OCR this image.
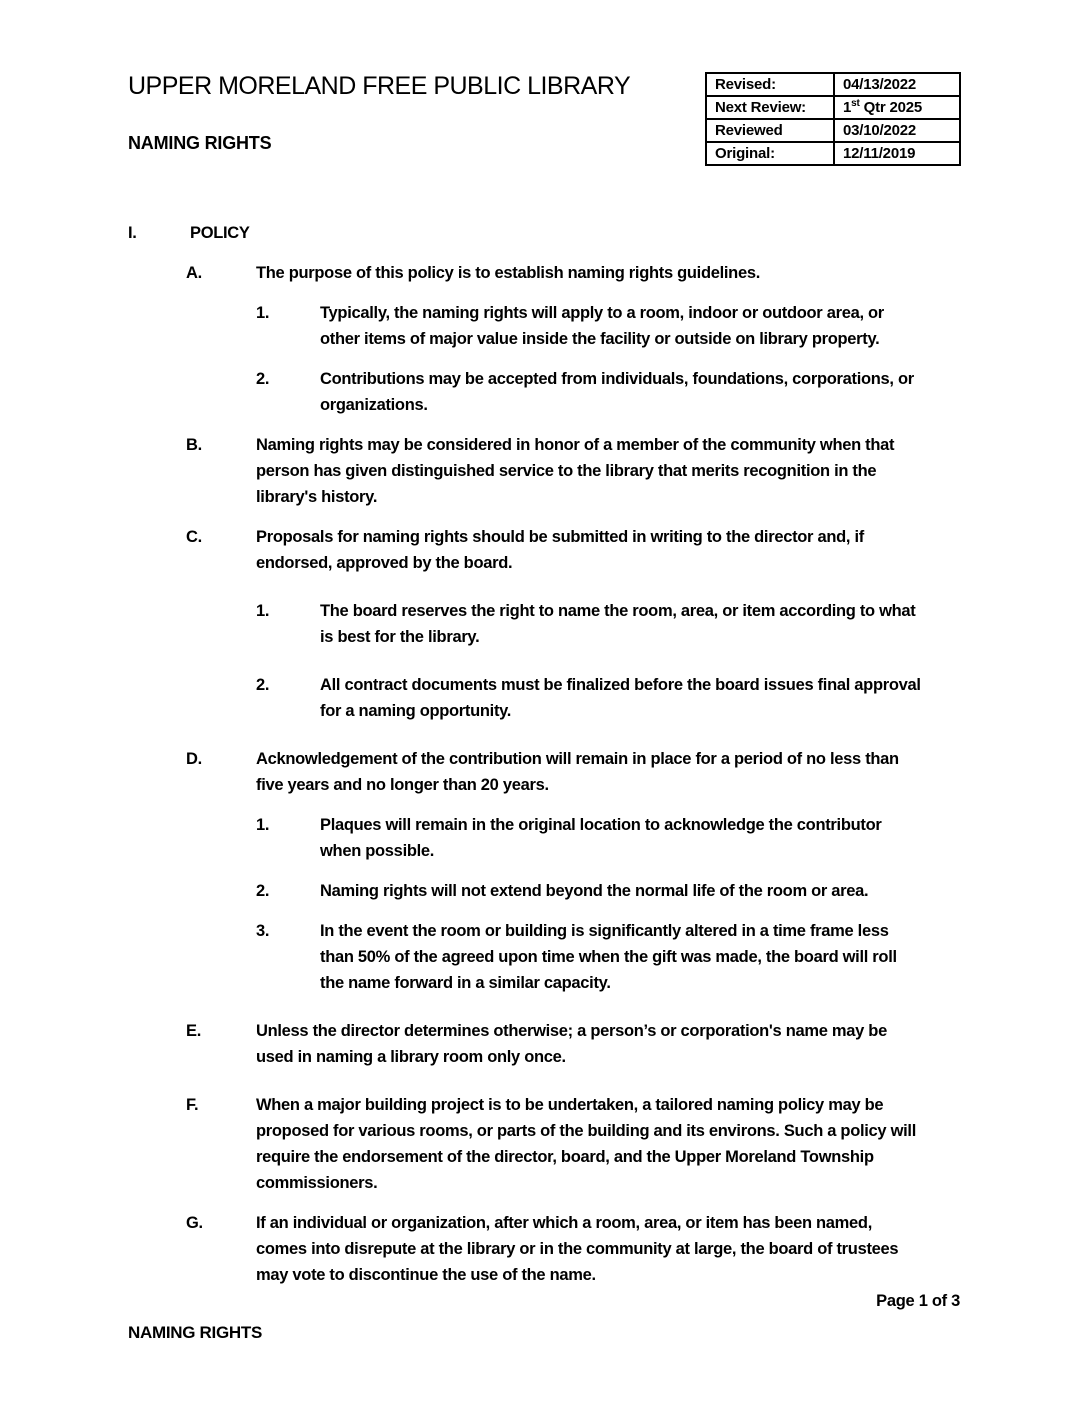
UPPER MORELAND FREE PUBLIC LIBRARY
NAMING RIGHTS
Revised:	04/13/2022
Next Review:	1st Qtr 2025
Reviewed	03/10/2022
Original:	12/11/2019
I.	POLICY
A.	The purpose of this policy is to establish naming rights guidelines.
1.	Typically, the naming rights will apply to a room, indoor or outdoor area, or
other items of major value inside the facility or outside on library property.
2.	Contributions may be accepted from individuals, foundations, corporations, or
organizations.
B.	Naming rights may be considered in honor of a member of the community when that
person has given distinguished service to the library that merits recognition in the
library's history.
C.	Proposals for naming rights should be submitted in writing to the director and, if
endorsed, approved by the board.
1.	The board reserves the right to name the room, area, or item according to what
is best for the library.
2.	All contract documents must be finalized before the board issues final approval
for a naming opportunity.
D.	Acknowledgement of the contribution will remain in place for a period of no less than
five years and no longer than 20 years.
1.	Plaques will remain in the original location to acknowledge the contributor
when possible.
2.	Naming rights will not extend beyond the normal life of the room or area.
3.	In the event the room or building is significantly altered in a time frame less
than 50% of the agreed upon time when the gift was made, the board will roll
the name forward in a similar capacity.
E.	Unless the director determines otherwise; a person’s or corporation's name may be
used in naming a library room only once.
F.	When a major building project is to be undertaken, a tailored naming policy may be
proposed for various rooms, or parts of the building and its environs. Such a policy will
require the endorsement of the director, board, and the Upper Moreland Township
commissioners.
G.	If an individual or organization, after which a room, area, or item has been named,
comes into disrepute at the library or in the community at large, the board of trustees
may vote to discontinue the use of the name.
Page 1 of 3
NAMING RIGHTS
